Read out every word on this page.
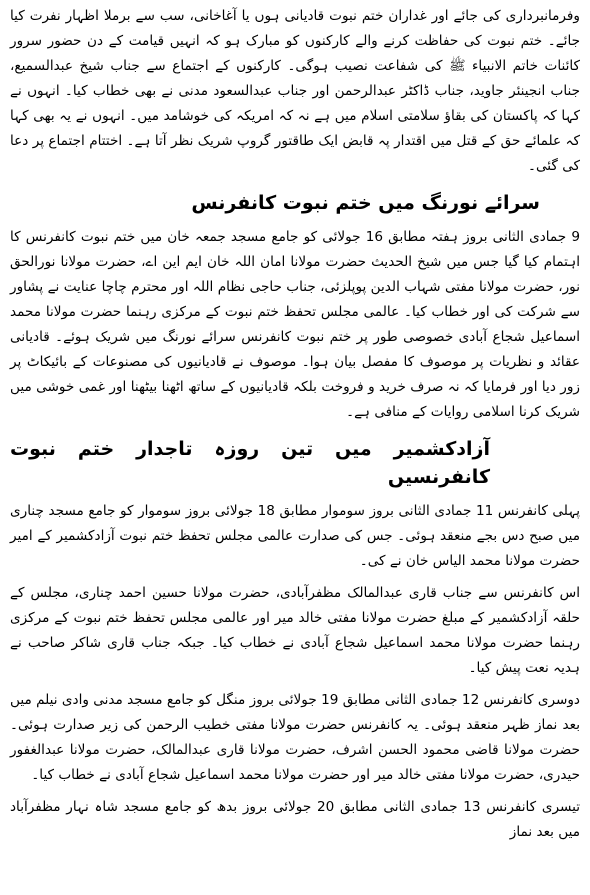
وفرمانبرداری کی جائے اور غداران ختم نبوت قادیانی ہوں یا آغاخانی، سب سے برملا اظہار نفرت کیا جائے۔ ختم نبوت کی حفاظت کرنے والے کارکنوں کو مبارک ہو کہ انہیں قیامت کے دن حضور سرور کائنات خاتم الانبیاء ﷺ کی شفاعت نصیب ہوگی۔ کارکنوں کے اجتماع سے جناب شیخ عبدالسمیع، جناب انجینئر جاوید، جناب ڈاکٹر عبدالرحمن اور جناب عبدالسعود مدنی نے بھی خطاب کیا۔ انہوں نے کہا کہ پاکستان کی بقاؤ سلامتی اسلام میں ہے نہ کہ امریکہ کی خوشامد میں۔ انہوں نے یہ بھی کہا کہ علمائے حق کے قتل میں اقتدار پہ قابض ایک طاقتور گروپ شریک نظر آتا ہے۔ اختتام اجتماع پر دعا کی گئی۔

سرائے نورنگ میں ختم نبوت کانفرنس

9 جمادی الثانی بروز ہفتہ مطابق 16 جولائی کو جامع مسجد جمعہ خان میں ختم نبوت کانفرنس کا اہتمام کیا گیا جس میں شیخ الحدیث حضرت مولانا امان اللہ خان ایم این اے، حضرت مولانا نورالحق نور، حضرت مولانا مفتی شہاب الدین پوپلزئی، جناب حاجی نظام اللہ اور محترم چاچا عنایت نے پشاور سے شرکت کی اور خطاب کیا۔ عالمی مجلس تحفظ ختم نبوت کے مرکزی رہنما حضرت مولانا محمد اسماعیل شجاع آبادی خصوصی طور پر ختم نبوت کانفرنس سرائے نورنگ میں شریک ہوئے۔ قادیانی عقائد و نظریات پر موصوف کا مفصل بیان ہوا۔ موصوف نے قادیانیوں کی مصنوعات کے بائیکاٹ پر زور دیا اور فرمایا کہ نہ صرف خرید و فروخت بلکہ قادیانیوں کے ساتھ اٹھنا بیٹھنا اور غمی خوشی میں شریک کرنا اسلامی روایات کے منافی ہے۔

آزادکشمیر میں تین روزہ تاجدار ختم نبوت کانفرنسیں

پہلی کانفرنس 11 جمادی الثانی بروز سوموار مطابق 18 جولائی بروز سوموار کو جامع مسجد چناری میں صبح دس بجے منعقد ہوئی۔ جس کی صدارت عالمی مجلس تحفظ ختم نبوت آزادکشمیر کے امیر حضرت مولانا محمد الیاس خان نے کی۔

اس کانفرنس سے جناب قاری عبدالمالک مظفرآبادی، حضرت مولانا حسین احمد چناری، مجلس کے حلقہ آزادکشمیر کے مبلغ حضرت مولانا مفتی خالد میر اور عالمی مجلس تحفظ ختم نبوت کے مرکزی رہنما حضرت مولانا محمد اسماعیل شجاع آبادی نے خطاب کیا۔ جبکہ جناب قاری شاکر صاحب نے ہدیہ نعت پیش کیا۔

دوسری کانفرنس 12 جمادی الثانی مطابق 19 جولائی بروز منگل کو جامع مسجد مدنی وادی نیلم میں بعد نماز ظہر منعقد ہوئی۔ یہ کانفرنس حضرت مولانا مفتی خطیب الرحمن کی زیر صدارت ہوئی۔ حضرت مولانا قاضی محمود الحسن اشرف، حضرت مولانا قاری عبدالمالک، حضرت مولانا عبدالغفور حیدری، حضرت مولانا مفتی خالد میر اور حضرت مولانا محمد اسماعیل شجاع آبادی نے خطاب کیا۔

تیسری کانفرنس 13 جمادی الثانی مطابق 20 جولائی بروز بدھ کو جامع مسجد شاہ نہار مظفرآباد میں بعد نماز
